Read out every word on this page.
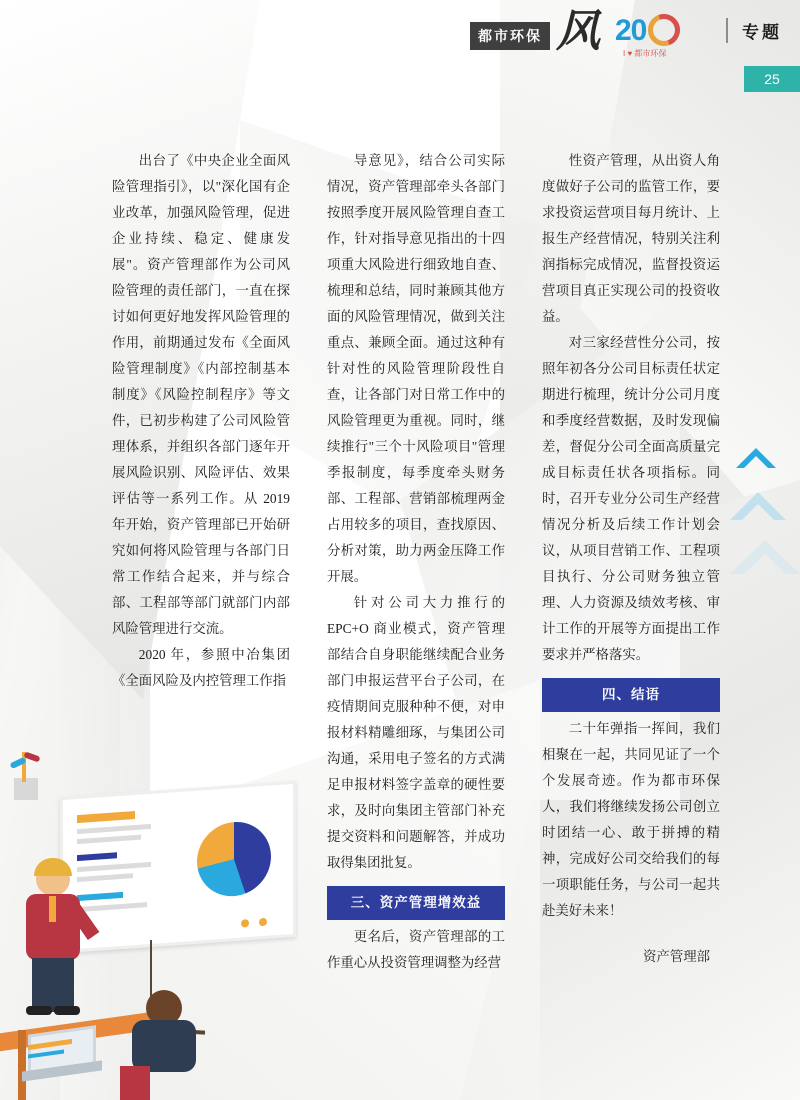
都市环保 风 20
I ♥ 都市环保
专题
25

出台了《中央企业全面风险管理指引》，以"深化国有企业改革，加强风险管理，促进企业持续、稳定、健康发展"。资产管理部作为公司风险管理的责任部门，一直在探讨如何更好地发挥风险管理的作用，前期通过发布《全面风险管理制度》《内部控制基本制度》《风险控制程序》等文件，已初步构建了公司风险管理体系，并组织各部门逐年开展风险识别、风险评估、效果评估等一系列工作。从 2019 年开始，资产管理部已开始研究如何将风险管理与各部门日常工作结合起来，并与综合部、工程部等部门就部门内部风险管理进行交流。

2020 年，参照中冶集团《全面风险及内控管理工作指

导意见》，结合公司实际情况，资产管理部牵头各部门按照季度开展风险管理自查工作，针对指导意见指出的十四项重大风险进行细致地自查、梳理和总结，同时兼顾其他方面的风险管理情况，做到关注重点、兼顾全面。通过这种有针对性的风险管理阶段性自查，让各部门对日常工作中的风险管理更为重视。同时，继续推行"三个十风险项目"管理季报制度，每季度牵头财务部、工程部、营销部梳理两金占用较多的项目，查找原因、分析对策，助力两金压降工作开展。

针对公司大力推行的 EPC+O 商业模式，资产管理部结合自身职能继续配合业务部门申报运营平台子公司，在疫情期间克服种种不便，对申报材料精雕细琢，与集团公司沟通，采用电子签名的方式满足申报材料签字盖章的硬性要求，及时向集团主管部门补充提交资料和问题解答，并成功取得集团批复。

三、资产管理增效益

更名后，资产管理部的工作重心从投资管理调整为经营

性资产管理，从出资人角度做好子公司的监管工作，要求投资运营项目每月统计、上报生产经营情况，特别关注利润指标完成情况，监督投资运营项目真正实现公司的投资收益。

对三家经营性分公司，按照年初各分公司目标责任状定期进行梳理，统计分公司月度和季度经营数据，及时发现偏差，督促分公司全面高质量完成目标责任状各项指标。同时，召开专业分公司生产经营情况分析及后续工作计划会议，从项目营销工作、工程项目执行、分公司财务独立管理、人力资源及绩效考核、审计工作的开展等方面提出工作要求并严格落实。

四、结语

二十年弹指一挥间，我们相聚在一起，共同见证了一个个发展奇迹。作为都市环保人，我们将继续发扬公司创立时团结一心、敢于拼搏的精神，完成好公司交给我们的每一项职能任务，与公司一起共赴美好未来！

资产管理部
